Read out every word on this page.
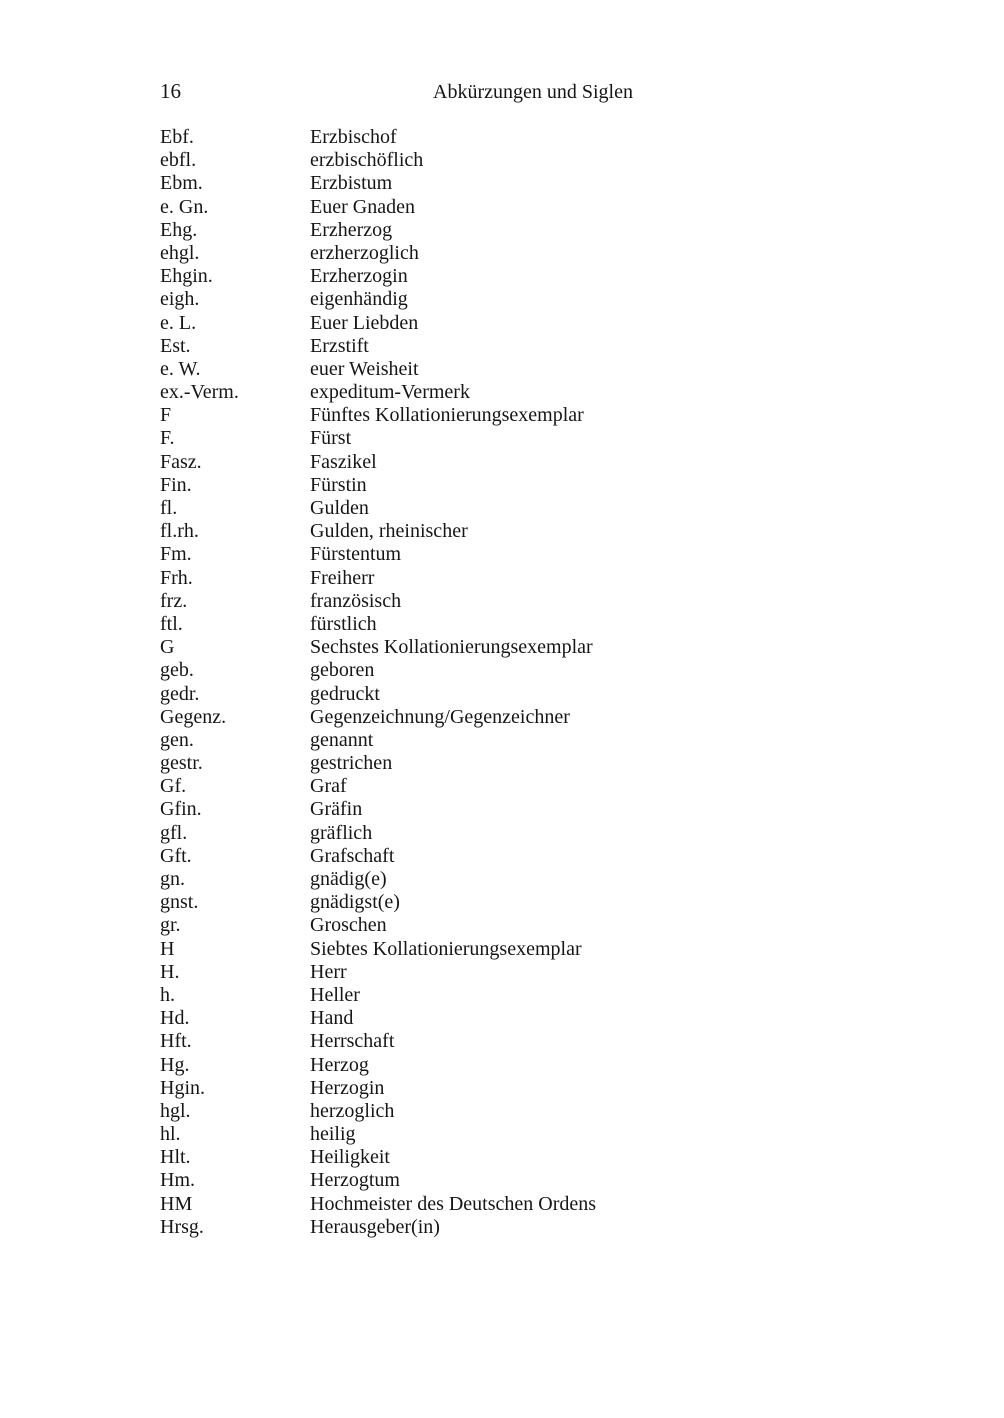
16	Abkürzungen und Siglen
Ebf.	Erzbischof
ebfl.	erzbischöflich
Ebm.	Erzbistum
e. Gn.	Euer Gnaden
Ehg.	Erzherzog
ehgl.	erzherzoglich
Ehgin.	Erzherzogin
eigh.	eigenhändig
e. L.	Euer Liebden
Est.	Erzstift
e. W.	euer Weisheit
ex.-Verm.	expeditum-Vermerk
F	Fünftes Kollationierungsexemplar
F.	Fürst
Fasz.	Faszikel
Fin.	Fürstin
fl.	Gulden
fl.rh.	Gulden, rheinischer
Fm.	Fürstentum
Frh.	Freiherr
frz.	französisch
ftl.	fürstlich
G	Sechstes Kollationierungsexemplar
geb.	geboren
gedr.	gedruckt
Gegenz.	Gegenzeichnung/Gegenzeichner
gen.	genannt
gestr.	gestrichen
Gf.	Graf
Gfin.	Gräfin
gfl.	gräflich
Gft.	Grafschaft
gn.	gnädig(e)
gnst.	gnädigst(e)
gr.	Groschen
H	Siebtes Kollationierungsexemplar
H.	Herr
h.	Heller
Hd.	Hand
Hft.	Herrschaft
Hg.	Herzog
Hgin.	Herzogin
hgl.	herzoglich
hl.	heilig
Hlt.	Heiligkeit
Hm.	Herzogtum
HM	Hochmeister des Deutschen Ordens
Hrsg.	Herausgeber(in)
